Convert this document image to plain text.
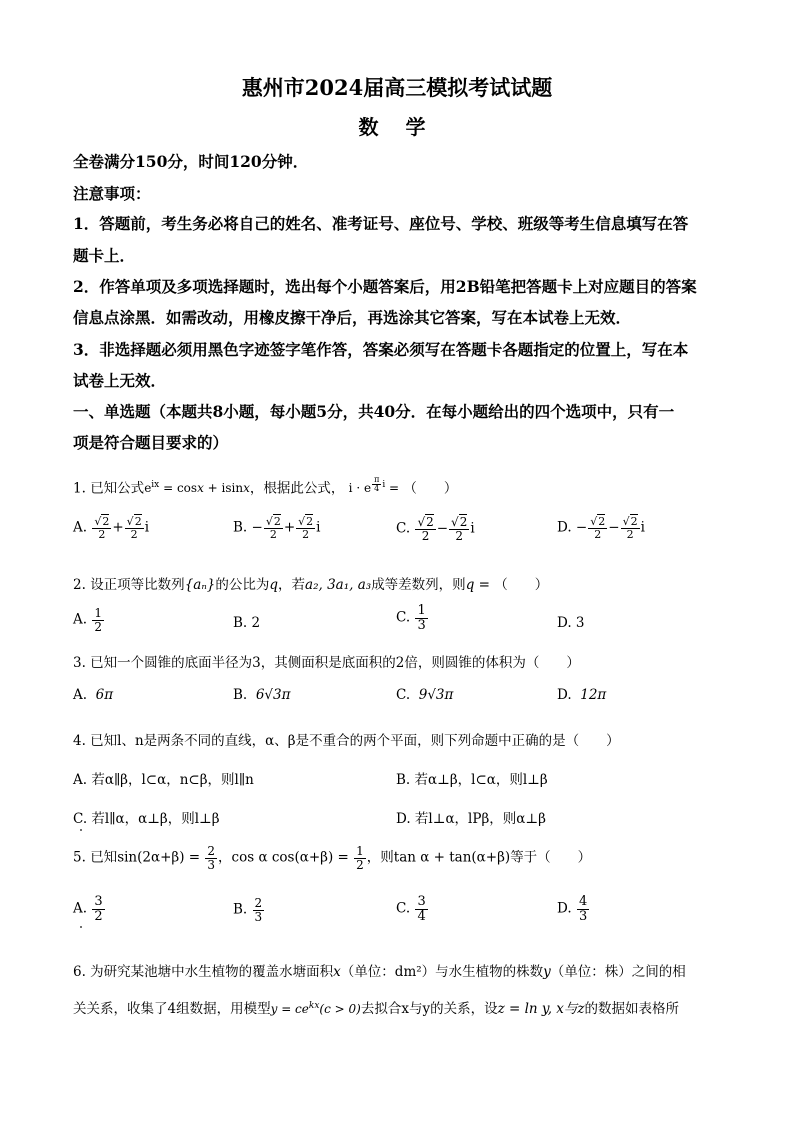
惠州市2024届高三模拟考试试题
数 学
全卷满分150分，时间120分钟．
注意事项：
1．答题前，考生务必将自己的姓名、准考证号、座位号、学校、班级等考生信息填写在答
题卡上．
2．作答单项及多项选择题时，选出每个小题答案后，用2B铅笔把答题卡上对应题目的答案
信息点涂黑．如需改动，用橡皮擦干净后，再选涂其它答案，写在本试卷上无效．
3．非选择题必须用黑色字迹签字笔作答，答案必须写在答题卡各题指定的位置上，写在本
试卷上无效．
一、单选题（本题共8小题，每小题5分，共40分．在每小题给出的四个选项中，只有一
项是符合题目要求的）
1. 已知公式$e^{ix} = \cos x + isinx$，根据此公式， i · e $^{\frac{\pi}{4} i}$ = （　　）
A. $\frac{√2}{2} + \frac{√2}{2}$ i	B. − $\frac{√2}{2} + \frac{√2}{2}$ i	C. $\frac{√2}{2} - \frac{√2}{2}$ i	D. − $\frac{√2}{2} - \frac{√2}{2}$ i
2. 设正项等比数列{aₙ}的公比为q，若a₂, 3a₁, a₃成等差数列，则q = （　　）
A. $\frac{1}{2}$	B. 2	C. $\frac{1}{3}$	D. 3
3. 已知一个圆锥的底面半径为3，其侧面积是底面积的2倍，则圆锥的体积为（　　）
A. 6π	B. 6√3π	C. 9√3π	D. 12π
4. 已知l、n是两条不同的直线，α、β是不重合的两个平面，则下列命题中正确的是（　　）
A. 若α∥β，l⊂α，n⊂β，则l∥n	B. 若α⊥β，l⊂α，则l⊥β
C. 若l∥α，α⊥β，则l⊥β	D. 若l⊥α，lPβ，则α⊥β
5. 已知$\sin(2\alpha+\beta) = \frac{2}{3}$ ，cos α $\cos(\alpha+\beta) = \frac{1}{2}$ ，则tan α + tan(α+β)等于（　　）
A. $\frac{3}{2}$	B. $\frac{2}{3}$	C. $\frac{3}{4}$	D. $\frac{4}{3}$
6. 为研究某池塘中水生植物的覆盖水塘面积x（单位：dm²）与水生植物的株数y（单位：株）之间的相
关关系，收集了4组数据，用模型$y = ce^{kx}(c > 0)$去拟合x与y的关系，设z = ln y, x与z的数据如表格所
